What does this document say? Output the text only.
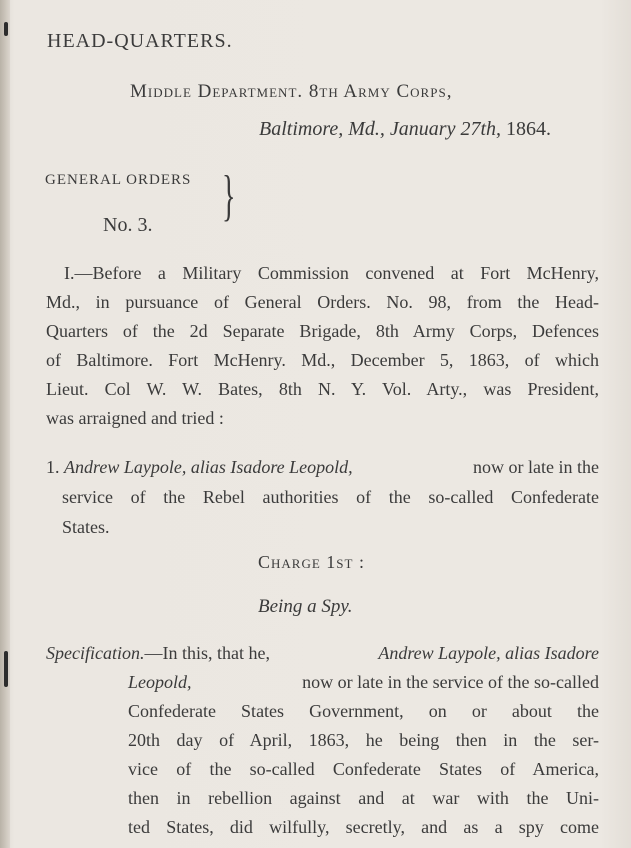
HEAD-QUARTERS.
Middle Department. 8th Army Corps,
Baltimore, Md., January 27th, 1864.
GENERAL ORDERS }
No. 3.
I.—Before a Military Commission convened at Fort McHenry,
Md., in pursuance of General Orders. No. 98, from the Head-
Quarters of the 2d Separate Brigade, 8th Army Corps, Defences
of Baltimore. Fort McHenry. Md., December 5, 1863, of which
Lieut. Col W. W. Bates, 8th N. Y. Vol. Arty., was President,
was arraigned and tried :
1. Andrew Laypole, alias Isadore Leopold,	now or late in the
service of the Rebel authorities of the so-called Confederate
States.
Charge 1st :
Being a Spy.
Specification.—In this, that he,	Andrew Laypole, alias Isadore
Leopold,	now or late in the service of the so-called
Confederate States Government, on or about the
20th day of April, 1863, he being then in the ser-
vice of the so-called Confederate States of America,
then in rebellion against and at war with the Uni-
ted States, did wilfully, secretly, and as a spy come
